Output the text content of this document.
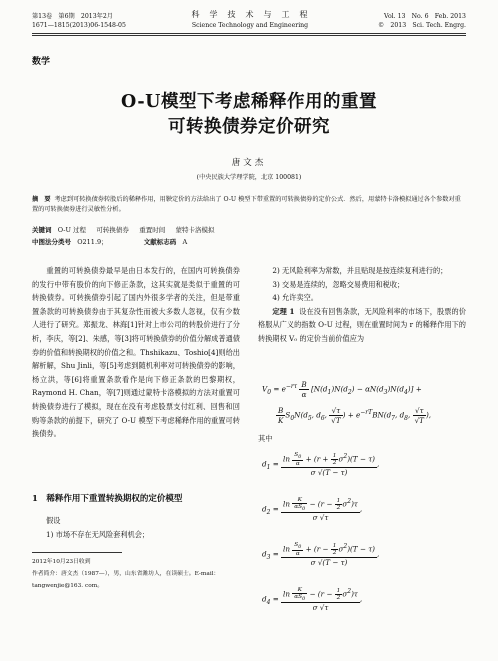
第13卷　第6期　2013年2月
1671—1815(2013)06-1548-05
科　学　技　术　与　工　程
Science Technology and Engineering
Vol. 13　No. 6　Feb. 2013
©　2013　Sci. Tech. Engrg.
数学
O-U模型下考虑稀释作用的重置
可转换债券定价研究
唐文杰
(中央民族大学理学院，北京 100081)
摘　要 考虑到可转换债券转股后的稀释作用，用鞅定价的方法给出了 O-U 模型下带重置的可转换债券的定价公式．然后，用蒙特卡洛模拟通过各个参数对重置的可转换债券进行灵敏性分析。
关键词 O-U 过程 可转换债券 重置时间 蒙特卡洛模拟
中图法分类号 O211.9；	文献标志码 A

重置的可转换债券最早是由日本发行的，在国内可转换债券的发行中带有股价的向下修正条款，这其实就是类似于重置的可转换债券。可转换债券引起了国内外很多学者的关注，但是带重置条款的可转换债券由于其复杂性而被大多数人忽视，仅有少数人进行了研究。郑振龙、林海[1]针对上市公司的转股价进行了分析，李庆，等[2]、朱感，等[3]将可转换债券的价值分解成普通债券的价值和转换期权的价值之和。Thshikazu、Toshio[4]则给出解析解，Shu Jinli，等[5]考虑到随机利率对可转换债券的影响，杨立洪，等[6]将重置条款看作是向下修正条款的巴黎期权，Raymond H. Chan，等[7]则通过蒙特卡洛模拟的方法对重置可转换债券进行了模拟，现在在没有考虑股票支付红利、回售和回购等条款的前提下，研究了 O-U 模型下考虑稀释作用的重置可转换债券。

1　稀释作用下重置转换期权的定价模型
假设
1) 市场不存在无风险套利机会；
2012年10月23日收到
作者简介：唐文杰（1987—），男，山东省潍坊人，在读硕士。E-mail：
tangwenjie@163. com。

2) 无风险利率为常数，并且贴现是按连续复利进行的；

3) 交易是连续的，忽略交易费用和税收；

4) 允许卖空。

定理 1 设在没有回售条款，无风险利率的市场下，股票的价格服从广义的指数 O-U 过程，则在重置时间为 r 的稀释作用下的转换期权 V₀ 的定价当前价值应为

$V_0 = e^{-r\tau} \frac{B}{\alpha} [N(d_1)N(d_2) - \alpha N(d_3)N(d_4)]$ +
$\frac{B}{K} S_0N(d_5$, $d_6$, $\frac{√\tau}{√T}$ ) + $e^{-rT}BN(d_7$, $d_8$, $\frac{√\tau}{√T}$ ),
其中
$d_1 = \frac{\ln \frac{S_0}{\alpha} + (r + \frac{1}{2} \sigma^2)(T - \tau)}{\sigma √(T - \tau)}$ ,
$d_2 = \frac{\ln \frac{K}{\alpha S_0} - (r - \frac{1}{2} \sigma^2)\tau}{\sigma √\tau}$ ,
$d_3 = \frac{\ln \frac{S_0}{\alpha} + (r - \frac{1}{2} \sigma^2)(T - \tau)}{\sigma √(T - \tau)}$ ,
$d_4 = \frac{\ln \frac{K}{\alpha S_0} - (r - \frac{1}{2} \sigma^2)\tau}{\sigma √\tau}$ ,
